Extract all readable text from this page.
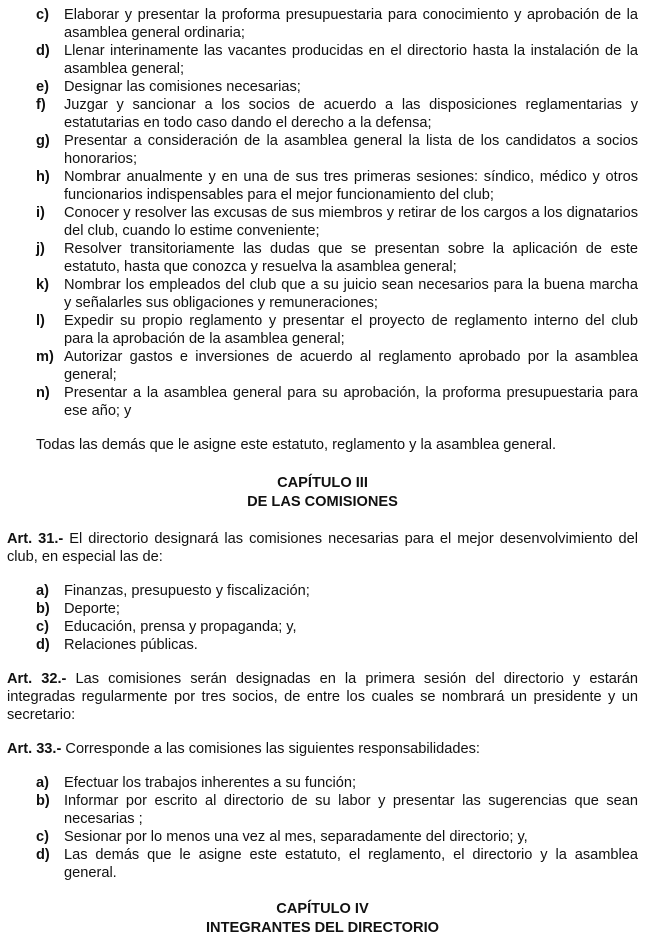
c)	Elaborar y presentar la proforma presupuestaria para conocimiento y aprobación de la asamblea general ordinaria;
d) Llenar interinamente las vacantes producidas en el directorio hasta la instalación de la asamblea general;
e)	Designar las comisiones necesarias;
f)	Juzgar y sancionar a los socios de acuerdo a las disposiciones reglamentarias y estatutarias en todo caso dando el derecho a la defensa;
g) Presentar a consideración de la asamblea general la lista de los candidatos a socios honorarios;
h) Nombrar anualmente y en una de sus tres primeras sesiones: síndico, médico y otros funcionarios indispensables para el mejor funcionamiento del club;
i)	Conocer y resolver las excusas de sus miembros y retirar de los cargos a los dignatarios del club, cuando lo estime conveniente;
j)	Resolver transitoriamente las dudas que se presentan sobre la aplicación de este estatuto, hasta que conozca y resuelva la asamblea general;
k)	Nombrar los empleados del club que a su juicio sean necesarios para la buena marcha y señalarles sus obligaciones y remuneraciones;
l)	Expedir su propio reglamento y presentar el proyecto de reglamento interno del club para la aprobación de la asamblea general;
m) Autorizar gastos e inversiones de acuerdo al reglamento aprobado por la asamblea general;
n) Presentar a la asamblea general para su aprobación, la proforma presupuestaria para ese año; y
Todas las demás que le asigne este estatuto, reglamento y la asamblea general.
CAPÍTULO III
DE LAS COMISIONES
Art. 31.- El directorio designará las comisiones necesarias para el mejor desenvolvimiento del club, en especial las de:
a)	Finanzas, presupuesto y fiscalización;
b) Deporte;
c)	Educación, prensa y propaganda; y,
d) Relaciones públicas.
Art. 32.- Las comisiones serán designadas en la primera sesión del directorio y estarán integradas regularmente por tres socios, de entre los cuales se nombrará un presidente y un secretario:
Art. 33.- Corresponde a las comisiones las siguientes responsabilidades:
a)	Efectuar los trabajos inherentes a su función;
b) Informar por escrito al directorio de su labor y presentar las sugerencias que sean necesarias ;
c)	Sesionar por lo menos una vez al mes, separadamente del directorio; y,
d) Las demás que le asigne este estatuto, el reglamento, el directorio y la asamblea general.
CAPÍTULO IV
INTEGRANTES DEL DIRECTORIO
